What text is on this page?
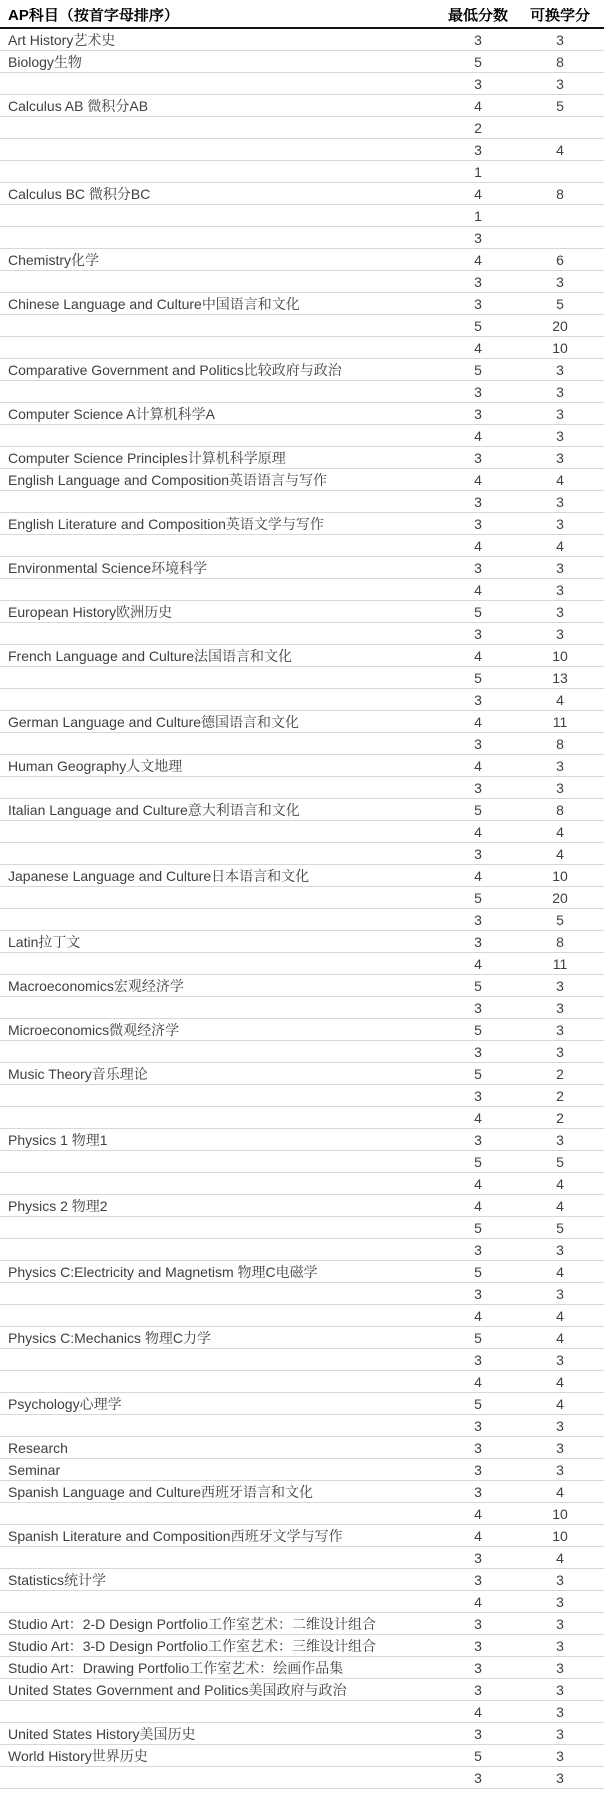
AP科目（按首字母排序）	最低分数	可换学分
Art History艺术史	3	3
Biology生物	5	8
3	3
Calculus AB 微积分AB	4	5
2
3	4
1
Calculus BC 微积分BC	4	8
1
3
Chemistry化学	4	6
3	3
Chinese Language and Culture中国语言和文化	3	5
5	20
4	10
Comparative Government and Politics比较政府与政治	5	3
3	3
Computer Science A计算机科学A	3	3
4	3
Computer Science Principles计算机科学原理	3	3
English Language and Composition英语语言与写作	4	4
3	3
English Literature and Composition英语文学与写作	3	3
4	4
Environmental Science环境科学	3	3
4	3
European History欧洲历史	5	3
3	3
French Language and Culture法国语言和文化	4	10
5	13
3	4
German Language and Culture德国语言和文化	4	11
3	8
Human Geography人文地理	4	3
3	3
Italian Language and Culture意大利语言和文化	5	8
4	4
3	4
Japanese Language and Culture日本语言和文化	4	10
5	20
3	5
Latin拉丁文	3	8
4	11
Macroeconomics宏观经济学	5	3
3	3
Microeconomics微观经济学	5	3
3	3
Music Theory音乐理论	5	2
3	2
4	2
Physics 1 物理1	3	3
5	5
4	4
Physics 2 物理2	4	4
5	5
3	3
Physics C:Electricity and Magnetism 物理C电磁学	5	4
3	3
4	4
Physics C:Mechanics 物理C力学	5	4
3	3
4	4
Psychology心理学	5	4
3	3
Research	3	3
Seminar	3	3
Spanish Language and Culture西班牙语言和文化	3	4
4	10
Spanish Literature and Composition西班牙文学与写作	4	10
3	4
Statistics统计学	3	3
4	3
Studio Art：2-D Design Portfolio工作室艺术：二维设计组合	3	3
Studio Art：3-D Design Portfolio工作室艺术：三维设计组合	3	3
Studio Art：Drawing Portfolio工作室艺术：绘画作品集	3	3
United States Government and Politics美国政府与政治	3	3
4	3
United States History美国历史	3	3
World History世界历史	5	3
3	3
